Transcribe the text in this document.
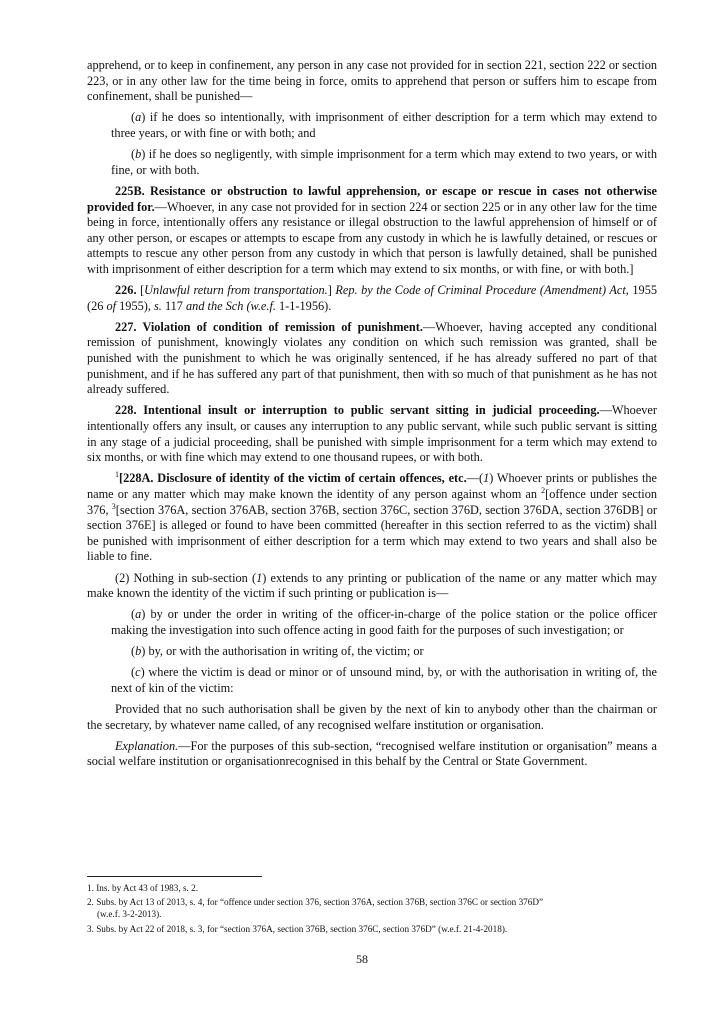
apprehend, or to keep in confinement, any person in any case not provided for in section 221, section 222 or section 223, or in any other law for the time being in force, omits to apprehend that person or suffers him to escape from confinement, shall be punished—

(a) if he does so intentionally, with imprisonment of either description for a term which may extend to three years, or with fine or with both; and

(b) if he does so negligently, with simple imprisonment for a term which may extend to two years, or with fine, or with both.

225B. Resistance or obstruction to lawful apprehension, or escape or rescue in cases not otherwise provided for.—Whoever, in any case not provided for in section 224 or section 225 or in any other law for the time being in force, intentionally offers any resistance or illegal obstruction to the lawful apprehension of himself or of any other person, or escapes or attempts to escape from any custody in which he is lawfully detained, or rescues or attempts to rescue any other person from any custody in which that person is lawfully detained, shall be punished with imprisonment of either description for a term which may extend to six months, or with fine, or with both.]

226. [Unlawful return from transportation.] Rep. by the Code of Criminal Procedure (Amendment) Act, 1955 (26 of 1955), s. 117 and the Sch (w.e.f. 1-1-1956).

227. Violation of condition of remission of punishment.—Whoever, having accepted any conditional remission of punishment, knowingly violates any condition on which such remission was granted, shall be punished with the punishment to which he was originally sentenced, if he has already suffered no part of that punishment, and if he has suffered any part of that punishment, then with so much of that punishment as he has not already suffered.

228. Intentional insult or interruption to public servant sitting in judicial proceeding.—Whoever intentionally offers any insult, or causes any interruption to any public servant, while such public servant is sitting in any stage of a judicial proceeding, shall be punished with simple imprisonment for a term which may extend to six months, or with fine which may extend to one thousand rupees, or with both.

$^1$[228A. Disclosure of identity of the victim of certain offences, etc.—(1) Whoever prints or publishes the name or any matter which may make known the identity of any person against whom an $^2$[offence under section 376, $^3$[section 376A, section 376AB, section 376B, section 376C, section 376D, section 376DA, section 376DB] or section 376E] is alleged or found to have been committed (hereafter in this section referred to as the victim) shall be punished with imprisonment of either description for a term which may extend to two years and shall also be liable to fine.

(2) Nothing in sub-section (1) extends to any printing or publication of the name or any matter which may make known the identity of the victim if such printing or publication is—

(a) by or under the order in writing of the officer-in-charge of the police station or the police officer making the investigation into such offence acting in good faith for the purposes of such investigation; or

(b) by, or with the authorisation in writing of, the victim; or

(c) where the victim is dead or minor or of unsound mind, by, or with the authorisation in writing of, the next of kin of the victim:

Provided that no such authorisation shall be given by the next of kin to anybody other than the chairman or the secretary, by whatever name called, of any recognised welfare institution or organisation.

Explanation.—For the purposes of this sub-section, “recognised welfare institution or organisation” means a social welfare institution or organisationrecognised in this behalf by the Central or State Government.

1. Ins. by Act 43 of 1983, s. 2.
2. Subs. by Act 13 of 2013, s. 4, for “offence under section 376, section 376A, section 376B, section 376C or section 376D”
(w.e.f. 3-2-2013).
3. Subs. by Act 22 of 2018, s. 3, for “section 376A, section 376B, section 376C, section 376D” (w.e.f. 21-4-2018).
58
